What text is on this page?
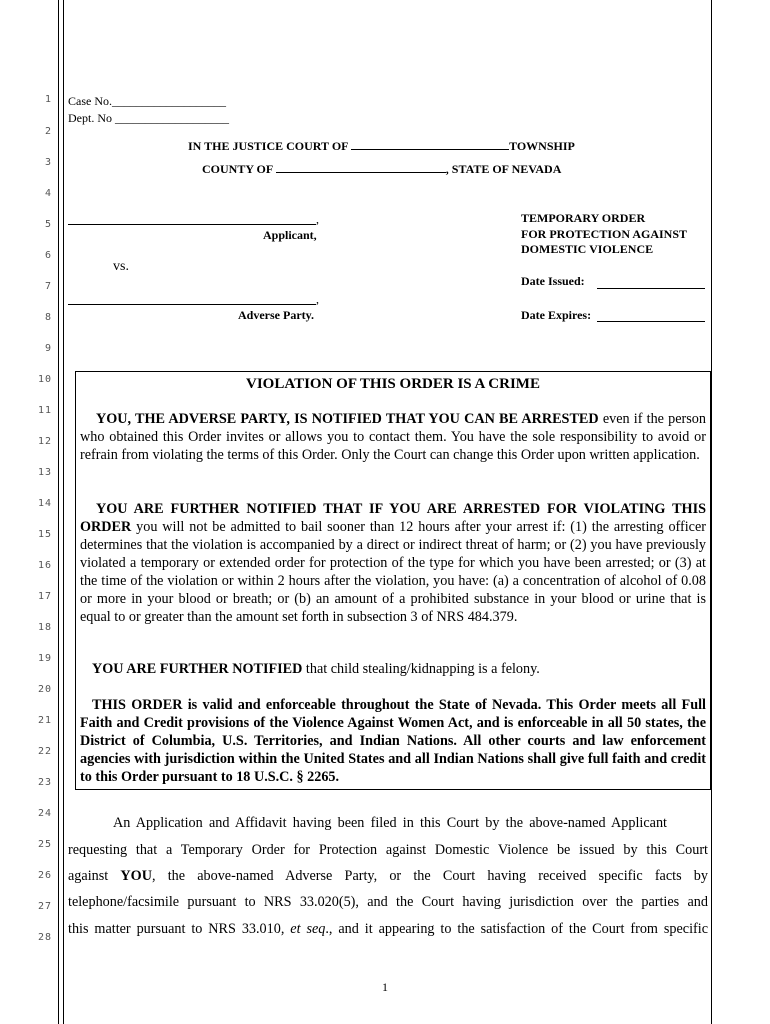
1
2
3
4
5
6
7
8
9
10
11
12
13
14
15
16
17
18
19
20
21
22
23
24
25
26
27
28
Case No.___________________
Dept. No ___________________
IN THE JUSTICE COURT OF	TOWNSHIP
COUNTY OF	, STATE OF NEVADA
,
Applicant,
vs.
,
Adverse Party.
TEMPORARY ORDER
FOR PROTECTION AGAINST
DOMESTIC VIOLENCE
Date Issued:
Date Expires:
VIOLATION OF THIS ORDER IS A CRIME
YOU, THE ADVERSE PARTY, IS NOTIFIED THAT YOU CAN BE ARRESTED even if the person who obtained this Order invites or allows you to contact them. You have the sole responsibility to avoid or refrain from violating the terms of this Order. Only the Court can change this Order upon written application.
YOU ARE FURTHER NOTIFIED THAT IF YOU ARE ARRESTED FOR VIOLATING THIS ORDER you will not be admitted to bail sooner than 12 hours after your arrest if: (1) the arresting officer determines that the violation is accompanied by a direct or indirect threat of harm; or (2) you have previously violated a temporary or extended order for protection of the type for which you have been arrested; or (3) at the time of the violation or within 2 hours after the violation, you have: (a) a concentration of alcohol of 0.08 or more in your blood or breath; or (b) an amount of a prohibited substance in your blood or urine that is equal to or greater than the amount set forth in subsection 3 of NRS 484.379.
YOU ARE FURTHER NOTIFIED that child stealing/kidnapping is a felony.
THIS ORDER is valid and enforceable throughout the State of Nevada. This Order meets all Full Faith and Credit provisions of the Violence Against Women Act, and is enforceable in all 50 states, the District of Columbia, U.S. Territories, and Indian Nations. All other courts and law enforcement agencies with jurisdiction within the United States and all Indian Nations shall give full faith and credit to this Order pursuant to 18 U.S.C. § 2265.
An Application and Affidavit having been filed in this Court by the above-named Applicant
requesting that a Temporary Order for Protection against Domestic Violence be issued by this Court
against YOU, the above-named Adverse Party, or the Court having received specific facts by
telephone/facsimile pursuant to NRS 33.020(5), and the Court having jurisdiction over the parties and
this matter pursuant to NRS 33.010, et seq., and it appearing to the satisfaction of the Court from specific
1
